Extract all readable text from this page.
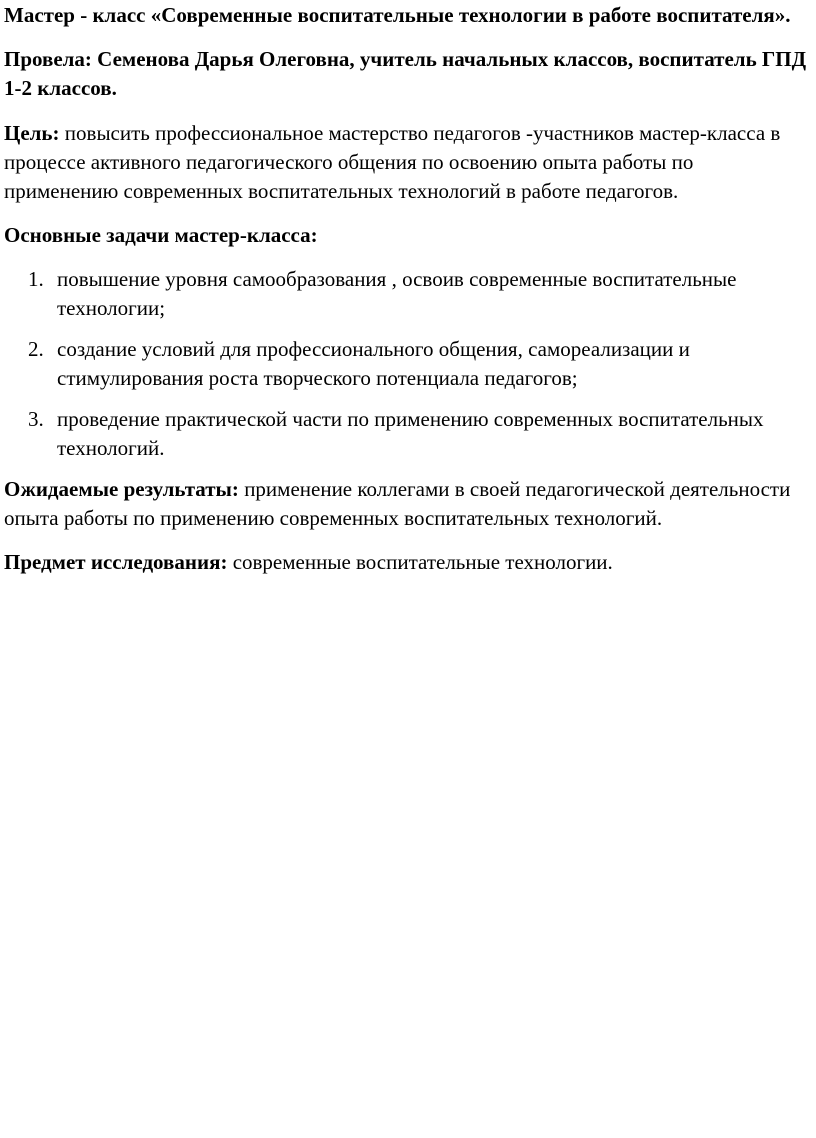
Мастер - класс «Современные воспитательные технологии в работе воспитателя».

Провела: Семенова Дарья Олеговна, учитель начальных классов, воспитатель ГПД 1-2 классов.

Цель: повысить профессиональное мастерство педагогов -участников мастер-класса в процессе активного педагогического общения по освоению опыта работы по применению современных воспитательных технологий в работе педагогов.

Основные задачи мастер-класса:

1. повышение уровня самообразования , освоив современные воспитательные технологии;
2. создание условий для профессионального общения, самореализации и стимулирования роста творческого потенциала педагогов;
3. проведение практической части по применению современных воспитательных технологий.

Ожидаемые результаты: применение коллегами в своей педагогической деятельности опыта работы по применению современных воспитательных технологий.

Предмет исследования: современные воспитательные технологии.
